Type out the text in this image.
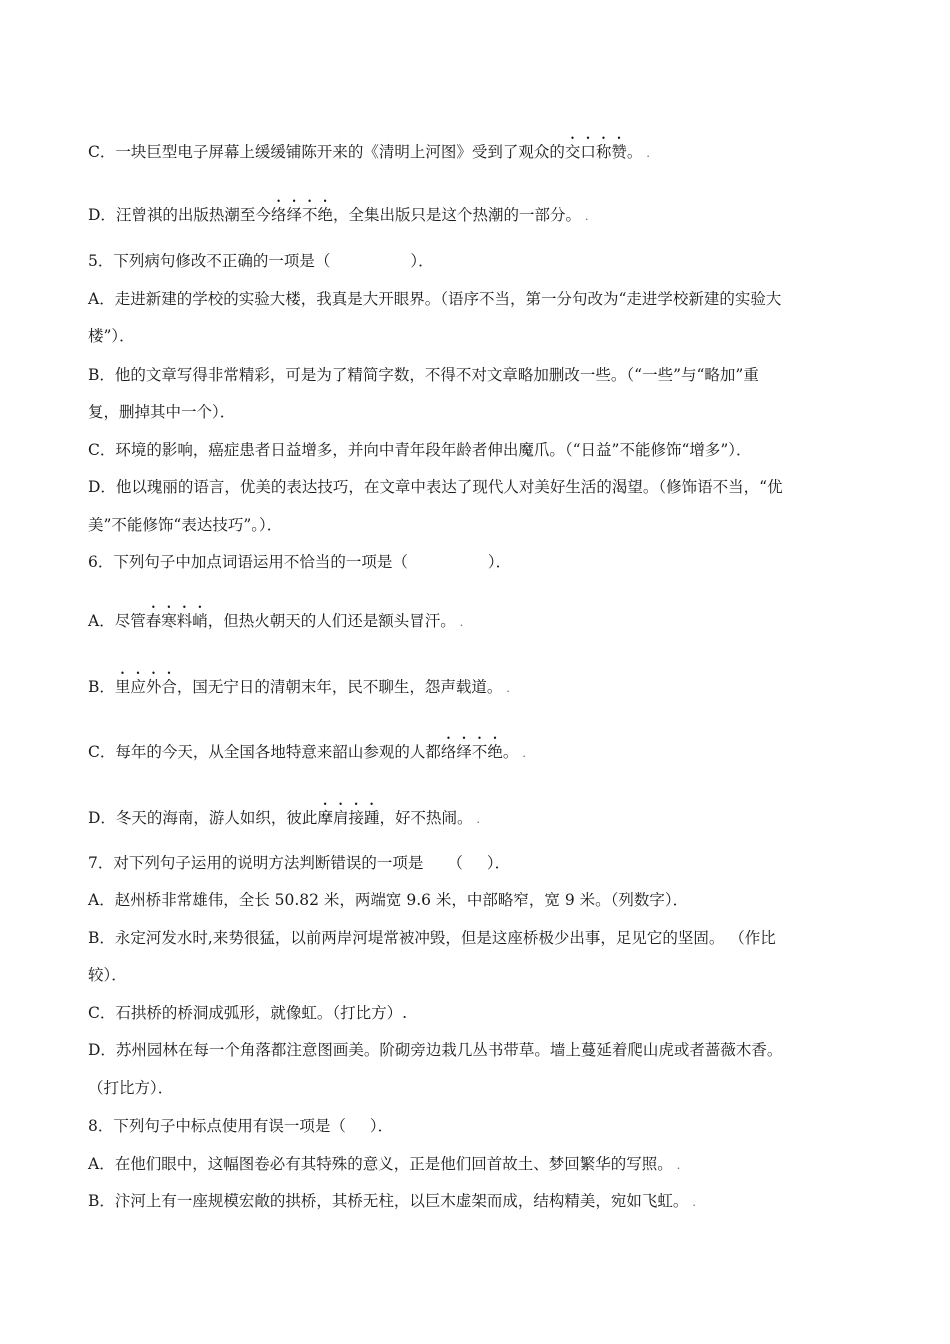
C．一块巨型电子屏幕上缓缓铺陈开来的《清明上河图》受到了观众的交口称赞。 .
D．汪曾祺的出版热潮至今络绎不绝，全集出版只是这个热潮的一部分。 .
5．下列病句修改不正确的一项是（	）．
A．走进新建的学校的实验大楼，我真是大开眼界。（语序不当，第一分句改为“走进学校新建的实验大
楼”）．
B．他的文章写得非常精彩，可是为了精简字数，不得不对文章略加删改一些。（“一些”与“略加”重
复，删掉其中一个）．
C．环境的影响，癌症患者日益增多，并向中青年段年龄者伸出魔爪。（“日益”不能修饰“增多”）．
D．他以瑰丽的语言，优美的表达技巧，在文章中表达了现代人对美好生活的渴望。（修饰语不当，“优
美”不能修饰“表达技巧”。）．
6．下列句子中加点词语运用不恰当的一项是（	）．
A．尽管春寒料峭，但热火朝天的人们还是额头冒汗。 .
B．里应外合，国无宁日的清朝末年，民不聊生，怨声载道。 .
C．每年的今天，从全国各地特意来韶山参观的人都络绎不绝。 .
D．冬天的海南，游人如织，彼此摩肩接踵，好不热闹。 .
7．对下列句子运用的说明方法判断错误的一项是 （ ）．
A．赵州桥非常雄伟，全长 50.82 米，两端宽 9.6 米，中部略窄，宽 9 米。（列数字）．
B．永定河发水时,来势很猛，以前两岸河堤常被冲毁，但是这座桥极少出事，足见它的坚固。 （作比
较）．
C．石拱桥的桥洞成弧形，就像虹。（打比方）.
D．苏州园林在每一个角落都注意图画美。阶砌旁边栽几丛书带草。墙上蔓延着爬山虎或者蔷薇木香。
（打比方）．
8．下列句子中标点使用有误一项是（ ）．
A．在他们眼中，这幅图卷必有其特殊的意义，正是他们回首故土、梦回繁华的写照。 .
B．汴河上有一座规模宏敞的拱桥，其桥无柱，以巨木虚架而成，结构精美，宛如飞虹。 .
